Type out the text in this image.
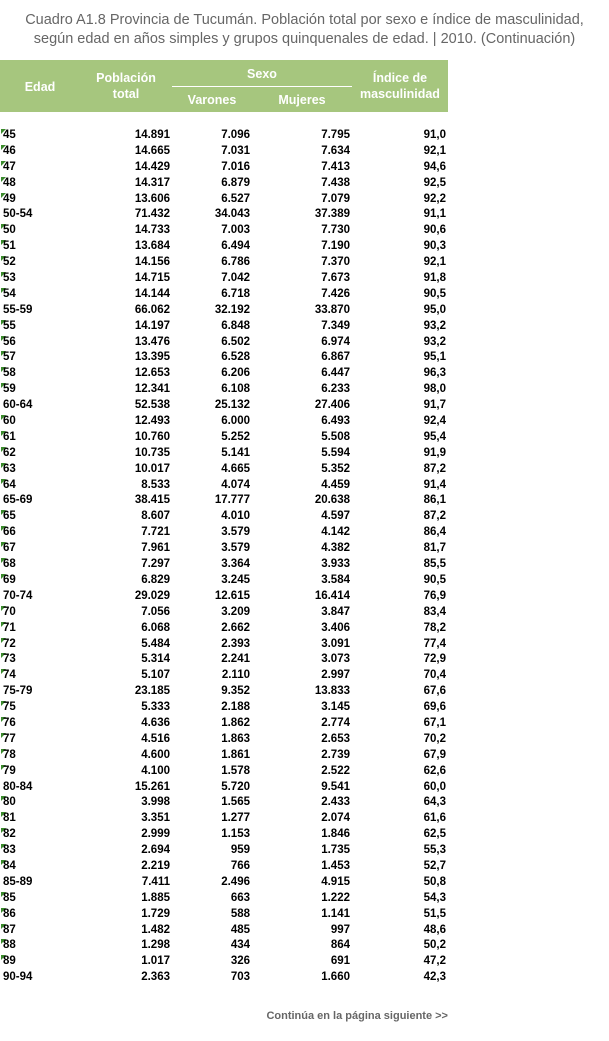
Cuadro A1.8 Provincia de Tucumán. Población total por sexo e índice de masculinidad,
según edad en años simples y grupos quinquenales de edad. | 2010. (Continuación)
Edad
Población total
Sexo
Varones	Mujeres
Índice de masculinidad
45	14.891	7.096	7.795	91,0
46	14.665	7.031	7.634	92,1
47	14.429	7.016	7.413	94,6
48	14.317	6.879	7.438	92,5
49	13.606	6.527	7.079	92,2
50-54	71.432	34.043	37.389	91,1
50	14.733	7.003	7.730	90,6
51	13.684	6.494	7.190	90,3
52	14.156	6.786	7.370	92,1
53	14.715	7.042	7.673	91,8
54	14.144	6.718	7.426	90,5
55-59	66.062	32.192	33.870	95,0
55	14.197	6.848	7.349	93,2
56	13.476	6.502	6.974	93,2
57	13.395	6.528	6.867	95,1
58	12.653	6.206	6.447	96,3
59	12.341	6.108	6.233	98,0
60-64	52.538	25.132	27.406	91,7
60	12.493	6.000	6.493	92,4
61	10.760	5.252	5.508	95,4
62	10.735	5.141	5.594	91,9
63	10.017	4.665	5.352	87,2
64	8.533	4.074	4.459	91,4
65-69	38.415	17.777	20.638	86,1
65	8.607	4.010	4.597	87,2
66	7.721	3.579	4.142	86,4
67	7.961	3.579	4.382	81,7
68	7.297	3.364	3.933	85,5
69	6.829	3.245	3.584	90,5
70-74	29.029	12.615	16.414	76,9
70	7.056	3.209	3.847	83,4
71	6.068	2.662	3.406	78,2
72	5.484	2.393	3.091	77,4
73	5.314	2.241	3.073	72,9
74	5.107	2.110	2.997	70,4
75-79	23.185	9.352	13.833	67,6
75	5.333	2.188	3.145	69,6
76	4.636	1.862	2.774	67,1
77	4.516	1.863	2.653	70,2
78	4.600	1.861	2.739	67,9
79	4.100	1.578	2.522	62,6
80-84	15.261	5.720	9.541	60,0
80	3.998	1.565	2.433	64,3
81	3.351	1.277	2.074	61,6
82	2.999	1.153	1.846	62,5
83	2.694	959	1.735	55,3
84	2.219	766	1.453	52,7
85-89	7.411	2.496	4.915	50,8
85	1.885	663	1.222	54,3
86	1.729	588	1.141	51,5
87	1.482	485	997	48,6
88	1.298	434	864	50,2
89	1.017	326	691	47,2
90-94	2.363	703	1.660	42,3
Continúa en la página siguiente >>
